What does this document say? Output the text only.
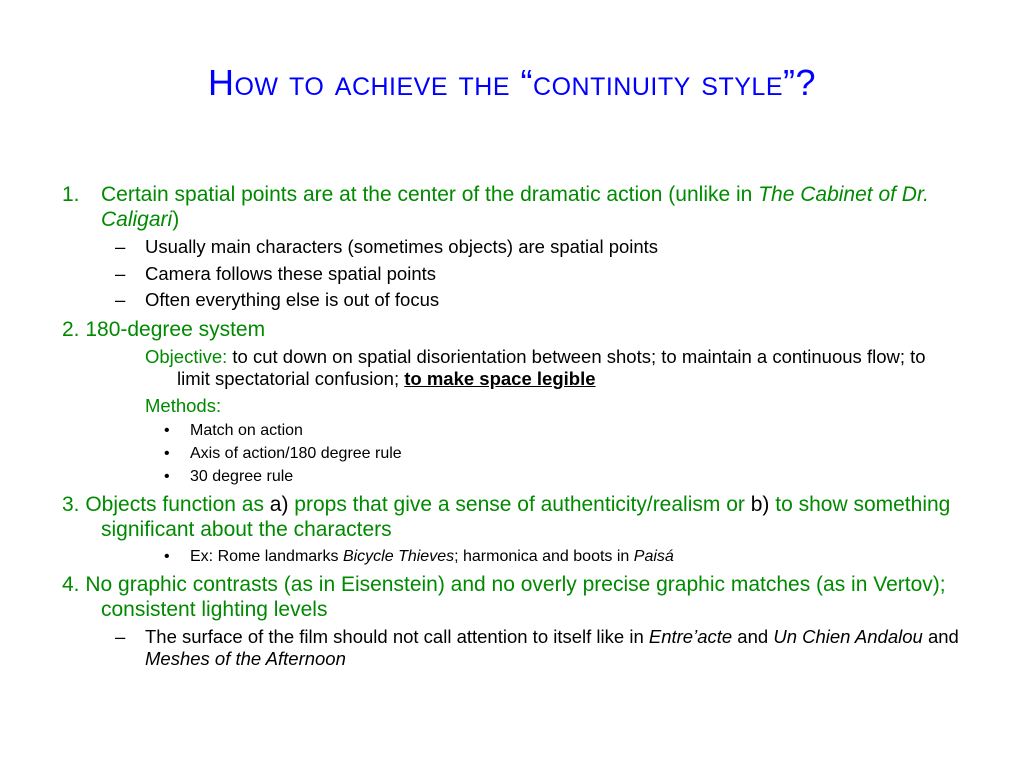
How to achieve the “continuity style”?
1. Certain spatial points are at the center of the dramatic action (unlike in The Cabinet of Dr. Caligari)
– Usually main characters (sometimes objects) are spatial points
– Camera follows these spatial points
– Often everything else is out of focus
2. 180-degree system
Objective: to cut down on spatial disorientation between shots; to maintain a continuous flow; to limit spectatorial confusion; to make space legible
Methods:
• Match on action
• Axis of action/180 degree rule
• 30 degree rule
3. Objects function as a) props that give a sense of authenticity/realism or b) to show something significant about the characters
• Ex: Rome landmarks Bicycle Thieves; harmonica and boots in Paisá
4. No graphic contrasts (as in Eisenstein) and no overly precise graphic matches (as in Vertov); consistent lighting levels
– The surface of the film should not call attention to itself like in Entre’acte and Un Chien Andalou and Meshes of the Afternoon
